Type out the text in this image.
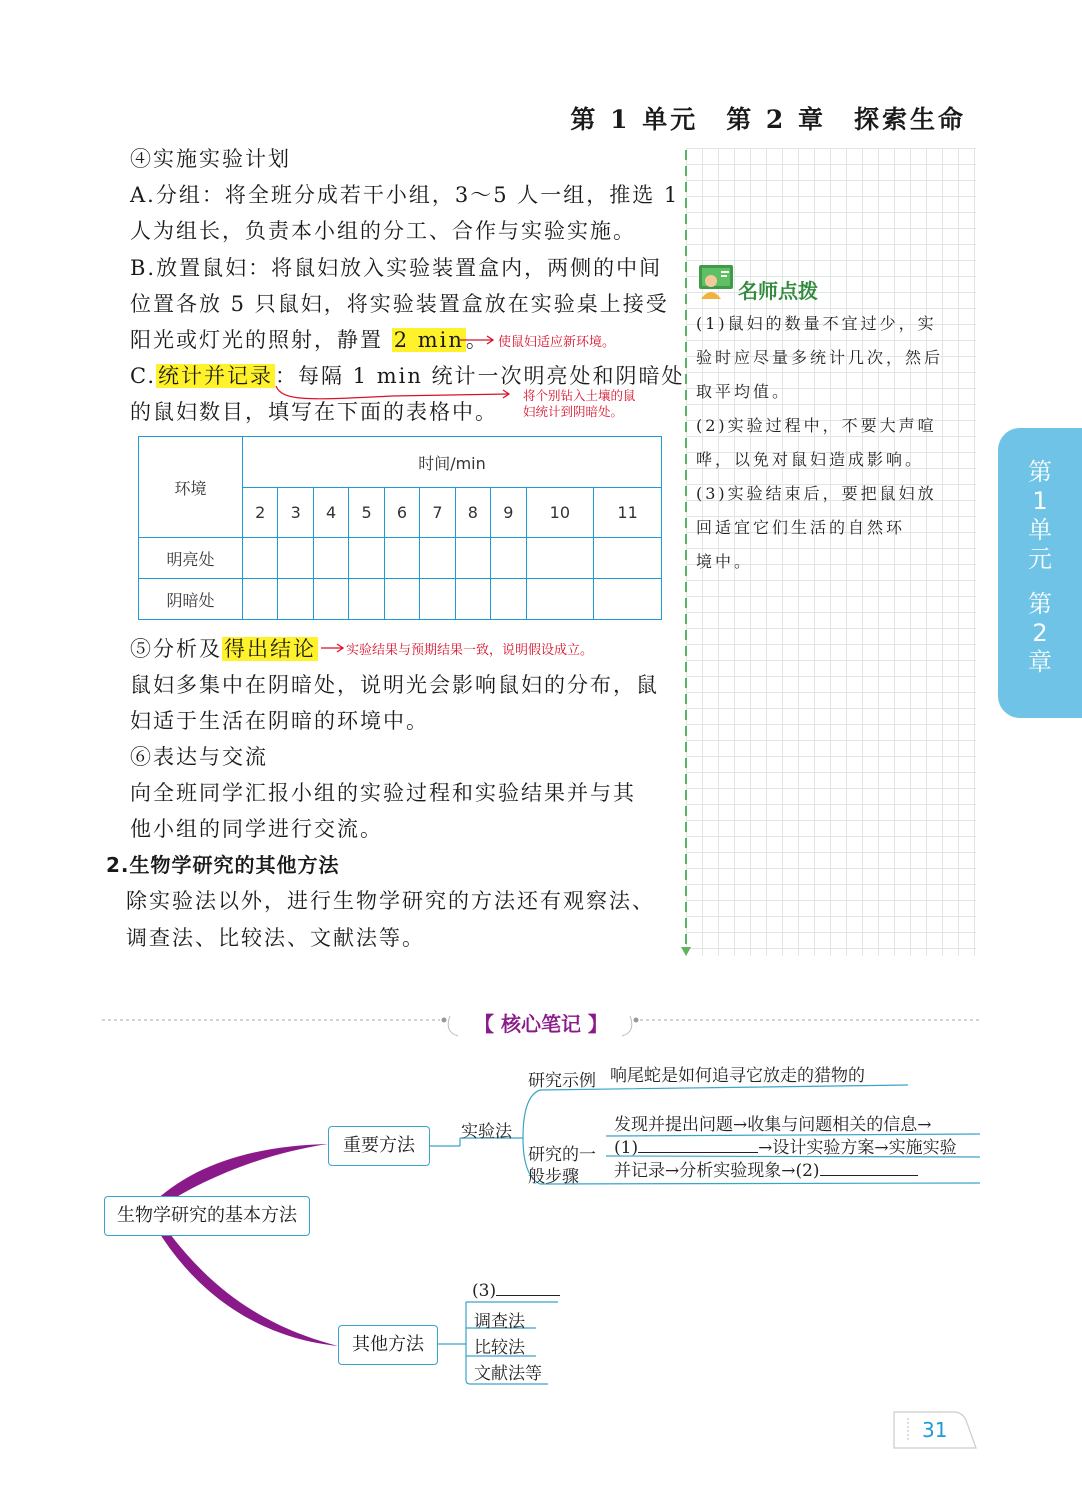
第 1 单元　第 2 章　探索生命
④实施实验计划
A.分组：将全班分成若干小组，3～5 人一组，推选 1
人为组长，负责本小组的分工、合作与实验实施。
B.放置鼠妇：将鼠妇放入实验装置盒内，两侧的中间
位置各放 5 只鼠妇，将实验装置盒放在实验桌上接受
阳光或灯光的照射，静置 2 min。 使鼠妇适应新环境。
C.统计并记录：每隔 1 min 统计一次明亮处和阴暗处
将个别钻入土壤的鼠
妇统计到阴暗处。
的鼠妇数目，填写在下面的表格中。
环境	时间/min									
	2	3	4	5	6	7	8	9	10	11
明亮处										
阴暗处										
⑤分析及得出结论 实验结果与预期结果一致，说明假设成立。
鼠妇多集中在阴暗处，说明光会影响鼠妇的分布，鼠
妇适于生活在阴暗的环境中。
⑥表达与交流
向全班同学汇报小组的实验过程和实验结果并与其
他小组的同学进行交流。
2.生物学研究的其他方法
除实验法以外，进行生物学研究的方法还有观察法、
调查法、比较法、文献法等。
名师点拨
(1)鼠妇的数量不宜过少，实
验时应尽量多统计几次，然后
取平均值。
(2)实验过程中，不要大声喧
哗，以免对鼠妇造成影响。
(3)实验结束后，要把鼠妇放
回适宜它们生活的自然环
境中。
第
1
单
元
第
2
章
【 核心笔记 】
生物学研究的基本方法
重要方法
其他方法
实验法
研究示例 响尾蛇是如何追寻它放走的猎物的
研究的一
般步骤
发现并提出问题→收集与问题相关的信息→
(1)	→设计实验方案→实施实验
并记录→分析实验现象→(2)
(3)
调查法
比较法
文献法等
31
